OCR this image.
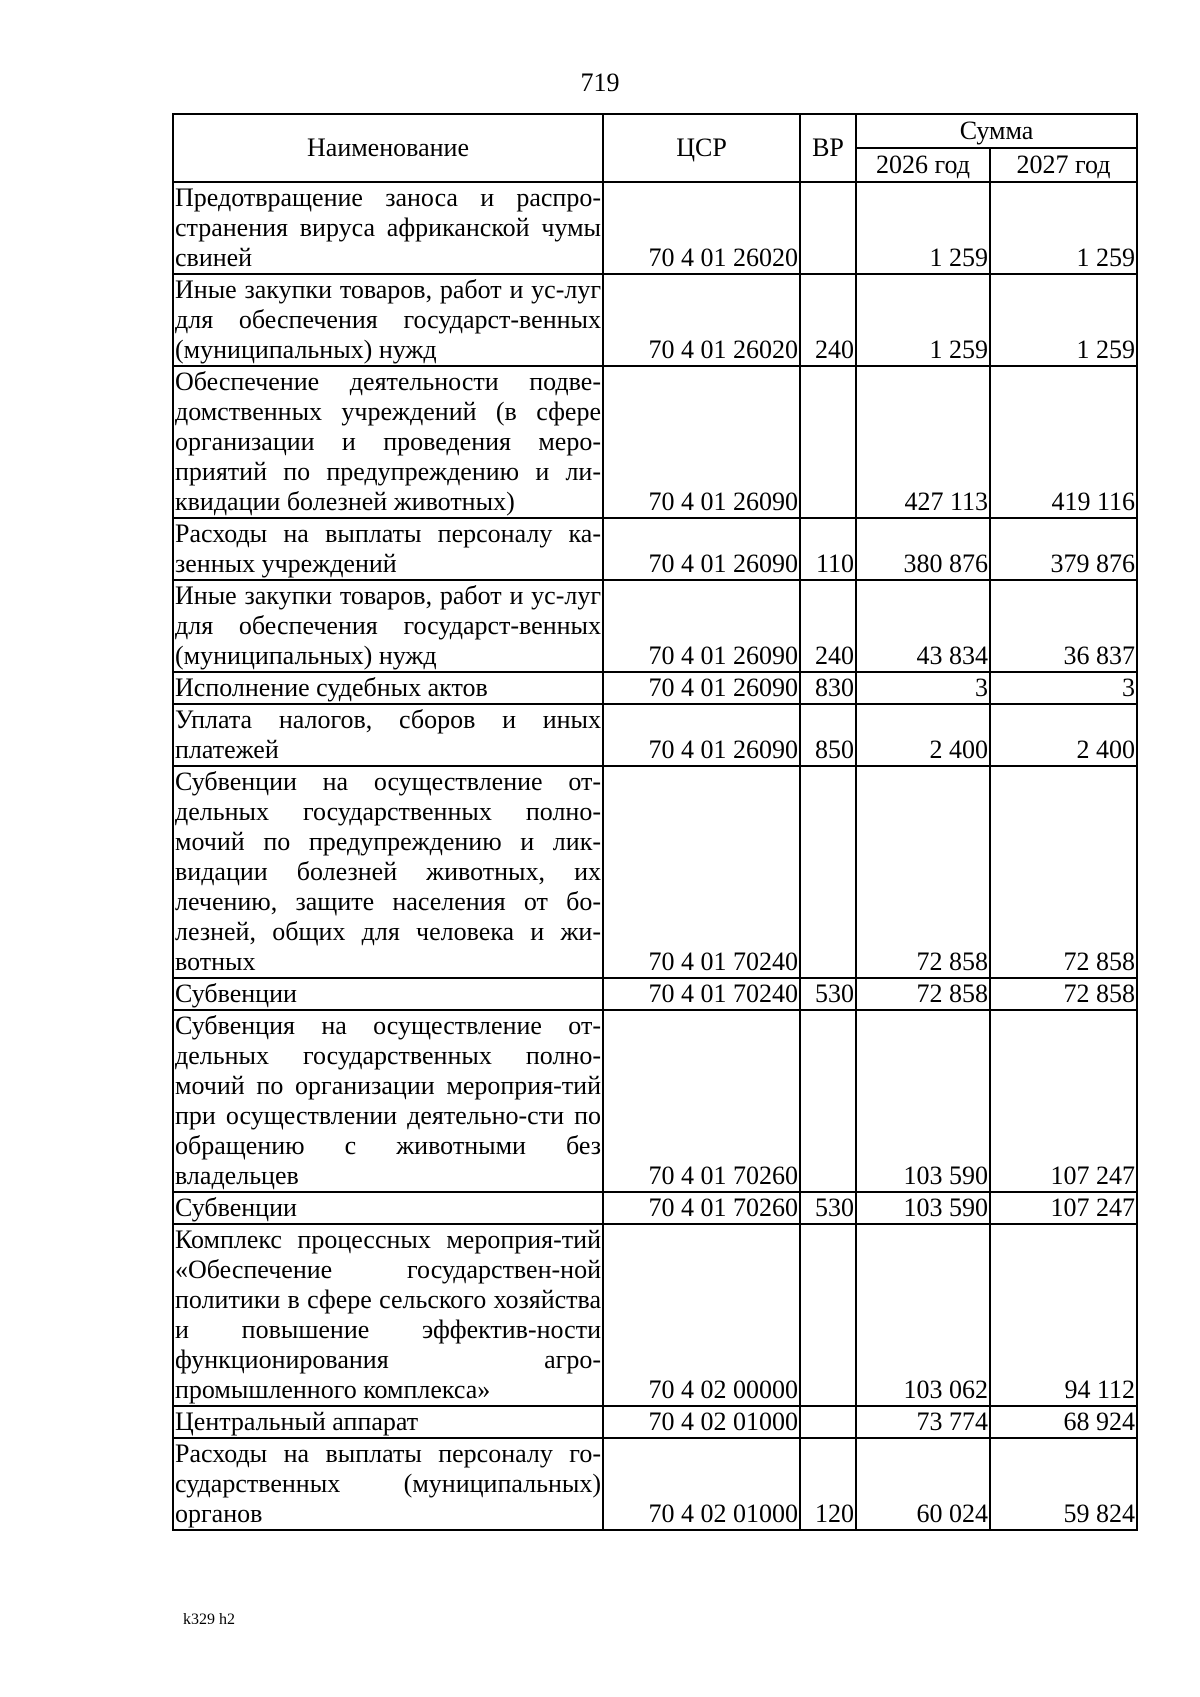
719
Наименование	ЦСР	ВР	Сумма	
			2026 год	2027 год
Предотвращение заноса и распро-странения вируса африканской чумы свиней	70 4 01 26020		1 259	1 259
Иные закупки товаров, работ и ус-луг для обеспечения государст-венных (муниципальных) нужд	70 4 01 26020	240	1 259	1 259
Обеспечение деятельности подве-домственных учреждений (в сфере организации и проведения меро-приятий по предупреждению и ли-квидации болезней животных)	70 4 01 26090		427 113	419 116
Расходы на выплаты персоналу ка-зенных учреждений	70 4 01 26090	110	380 876	379 876
Иные закупки товаров, работ и ус-луг для обеспечения государст-венных (муниципальных) нужд	70 4 01 26090	240	43 834	36 837
Исполнение судебных актов	70 4 01 26090	830	3	3
Уплата налогов, сборов и иных платежей	70 4 01 26090	850	2 400	2 400
Субвенции на осуществление от-дельных государственных полно-мочий по предупреждению и лик-видации болезней животных, их лечению, защите населения от бо-лезней, общих для человека и жи-вотных	70 4 01 70240		72 858	72 858
Субвенции	70 4 01 70240	530	72 858	72 858
Субвенция на осуществление от-дельных государственных полно-мочий по организации мероприя-тий при осуществлении деятельно-сти по обращению с животными без владельцев	70 4 01 70260		103 590	107 247
Субвенции	70 4 01 70260	530	103 590	107 247
Комплекс процессных мероприя-тий «Обеспечение государствен-ной политики в сфере сельского хозяйства и повышение эффектив-ности функционирования агро-промышленного комплекса»	70 4 02 00000		103 062	94 112
Центральный аппарат	70 4 02 01000		73 774	68 924
Расходы на выплаты персоналу го-сударственных (муниципальных) органов	70 4 02 01000	120	60 024	59 824
k329 h2
